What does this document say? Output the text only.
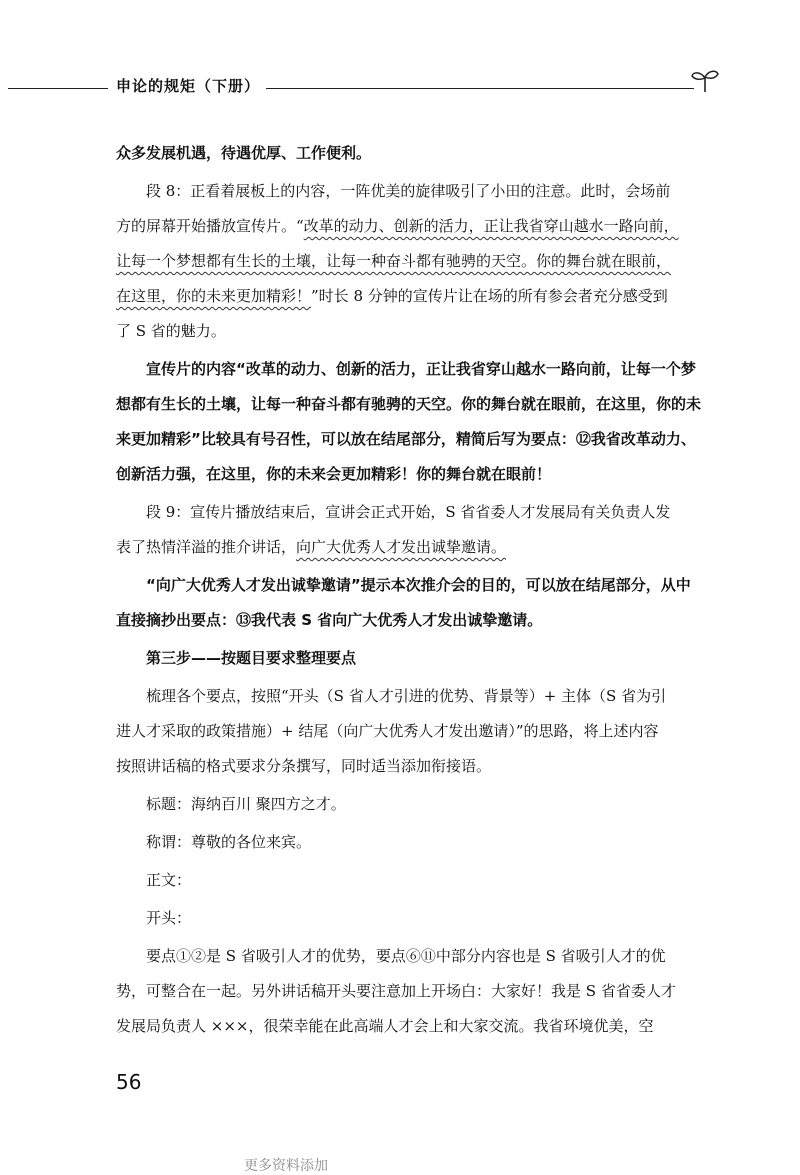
申论的规矩（下册）

众多发展机遇，待遇优厚、工作便利。

段 8：正看着展板上的内容，一阵优美的旋律吸引了小田的注意。此时，会场前

方的屏幕开始播放宣传片。“改革的动力、创新的活力，正让我省穿山越水一路向前，

让每一个梦想都有生长的土壤，让每一种奋斗都有驰骋的天空。你的舞台就在眼前，

在这里，你的未来更加精彩！”时长 8 分钟的宣传片让在场的所有参会者充分感受到

了 S 省的魅力。

宣传片的内容“改革的动力、创新的活力，正让我省穿山越水一路向前，让每一个梦

想都有生长的土壤，让每一种奋斗都有驰骋的天空。你的舞台就在眼前，在这里，你的未

来更加精彩”比较具有号召性，可以放在结尾部分，精简后写为要点：⑫我省改革动力、

创新活力强，在这里，你的未来会更加精彩！你的舞台就在眼前！

段 9：宣传片播放结束后，宣讲会正式开始，S 省省委人才发展局有关负责人发

表了热情洋溢的推介讲话，向广大优秀人才发出诚挚邀请。

“向广大优秀人才发出诚挚邀请”提示本次推介会的目的，可以放在结尾部分，从中

直接摘抄出要点：⑬我代表 S 省向广大优秀人才发出诚挚邀请。

第三步——按题目要求整理要点

梳理各个要点，按照“开头（S 省人才引进的优势、背景等）+ 主体（S 省为引

进人才采取的政策措施）+ 结尾（向广大优秀人才发出邀请）”的思路，将上述内容

按照讲话稿的格式要求分条撰写，同时适当添加衔接语。

标题：海纳百川 聚四方之才。

称谓：尊敬的各位来宾。

正文：

开头：

要点①②是 S 省吸引人才的优势，要点⑥⑪中部分内容也是 S 省吸引人才的优

势，可整合在一起。另外讲话稿开头要注意加上开场白：大家好！我是 S 省省委人才

发展局负责人 ×××，很荣幸能在此高端人才会上和大家交流。我省环境优美，空

56
更多资料添加
